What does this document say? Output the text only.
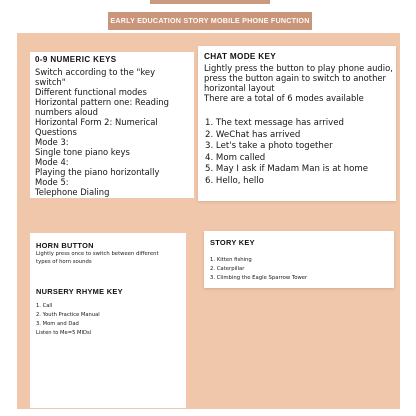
EARLY EDUCATION STORY MOBILE PHONE FUNCTION
0-9 NUMERIC KEYS
Switch according to the "key
switch"
Different functional modes
Horizontal pattern one: Reading
numbers aloud
Horizontal Form 2: Numerical
Questions
Mode 3:
Single tone piano keys
Mode 4:
Playing the piano horizontally
Mode 5:
Telephone Dialing
CHAT MODE KEY
Lightly press the button to play phone audio,
press the button again to switch to another
horizontal layout
There are a total of 6 modes available
1. The text message has arrived
2. WeChat has arrived
3. Let's take a photo together
4. Mom called
5. May I ask if Madam Man is at home
6. Hello, hello
HORN BUTTON
Lightly press once to switch between different
types of horn sounds
NURSERY RHYME KEY
1. Call
2. Youth Practice Manual
3. Mom and Dad
Listen to Me=5 MIDsl
STORY KEY
1. Kitten fishing
2. Caterpillar
3. Climbing the Eagle Sparrow Tower
